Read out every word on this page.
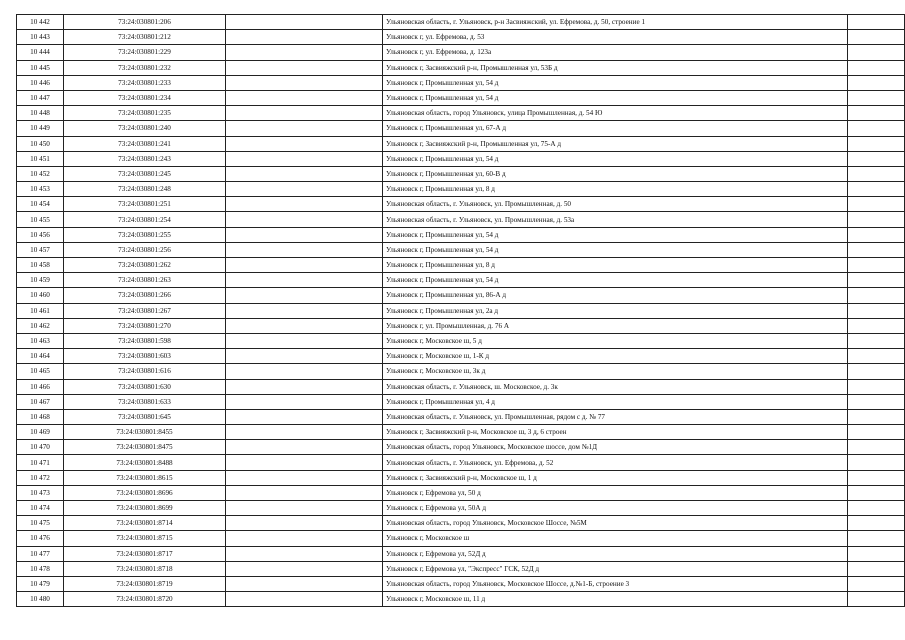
10 442	73:24:030801:206		Ульяновская область, г. Ульяновск, р-н Засвияжский, ул. Ефремова, д. 50, строение 1	
10 443	73:24:030801:212		Ульяновск г, ул. Ефремова, д. 53	
10 444	73:24:030801:229		Ульяновск г, ул. Ефремова, д. 123а	
10 445	73:24:030801:232		Ульяновск г, Засвияжский р-н, Промышленная ул, 53Б д	
10 446	73:24:030801:233		Ульяновск г, Промышленная ул, 54 д	
10 447	73:24:030801:234		Ульяновск г, Промышленная ул, 54 д	
10 448	73:24:030801:235		Ульяновская область, город Ульяновск, улица Промышленная, д. 54 Ю	
10 449	73:24:030801:240		Ульяновск г, Промышленная ул, 67-А д	
10 450	73:24:030801:241		Ульяновск г, Засвияжский р-н, Промышленная ул, 75-А д	
10 451	73:24:030801:243		Ульяновск г, Промышленная ул, 54 д	
10 452	73:24:030801:245		Ульяновск г, Промышленная ул, 60-В д	
10 453	73:24:030801:248		Ульяновск г, Промышленная ул, 8 д	
10 454	73:24:030801:251		Ульяновская область, г. Ульяновск, ул. Промышленная, д. 50	
10 455	73:24:030801:254		Ульяновская область, г. Ульяновск, ул. Промышленная, д. 53а	
10 456	73:24:030801:255		Ульяновск г, Промышленная ул, 54 д	
10 457	73:24:030801:256		Ульяновск г, Промышленная ул, 54 д	
10 458	73:24:030801:262		Ульяновск г, Промышленная ул, 8 д	
10 459	73:24:030801:263		Ульяновск г, Промышленная ул, 54 д	
10 460	73:24:030801:266		Ульяновск г, Промышленная ул, 86-А д	
10 461	73:24:030801:267		Ульяновск г, Промышленная ул, 2а д	
10 462	73:24:030801:270		Ульяновск г, ул. Промышленная, д. 76 А	
10 463	73:24:030801:598		Ульяновск г, Московское ш, 5 д	
10 464	73:24:030801:603		Ульяновск г, Московское ш, 1-К д	
10 465	73:24:030801:616		Ульяновск г, Московское ш, 3к д	
10 466	73:24:030801:630		Ульяновская область, г. Ульяновск, ш. Московское, д. 3к	
10 467	73:24:030801:633		Ульяновск г, Промышленная ул, 4 д	
10 468	73:24:030801:645		Ульяновская область, г. Ульяновск, ул. Промышленная, рядом с д. № 77	
10 469	73:24:030801:8455		Ульяновск г, Засвияжский р-н, Московское ш, 3 д, 6 строен	
10 470	73:24:030801:8475		Ульяновская область, город Ульяновск, Московское шоссе, дом №1Д	
10 471	73:24:030801:8488		Ульяновская область, г. Ульяновск, ул. Ефремова, д. 52	
10 472	73:24:030801:8615		Ульяновск г, Засвияжский р-н, Московское ш, 1 д	
10 473	73:24:030801:8696		Ульяновск г, Ефремова ул, 50 д	
10 474	73:24:030801:8699		Ульяновск г, Ефремова ул, 50А д	
10 475	73:24:030801:8714		Ульяновская область, город Ульяновск, Московское Шоссе, №5М	
10 476	73:24:030801:8715		Ульяновск г, Московское ш	
10 477	73:24:030801:8717		Ульяновск г, Ефремова ул, 52Д д	
10 478	73:24:030801:8718		Ульяновск г, Ефремова ул, "Экспресс" ГСК, 52Д д	
10 479	73:24:030801:8719		Ульяновская область, город Ульяновск, Московское Шоссе, д.№1-Б, строение 3	
10 480	73:24:030801:8720		Ульяновск г, Московское ш, 11 д	
